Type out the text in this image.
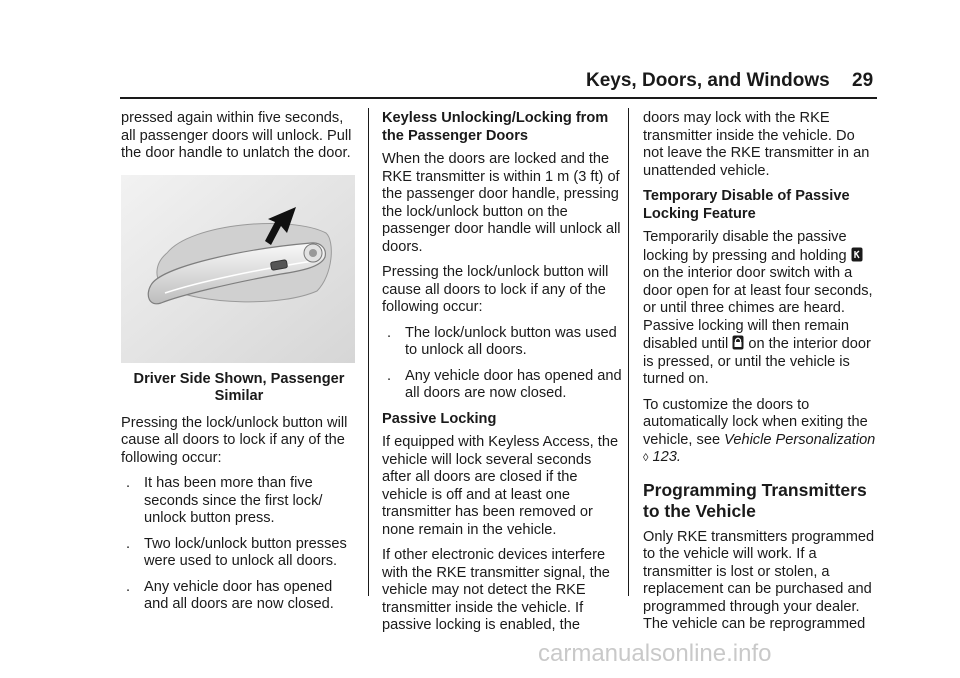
Keys, Doors, and Windows 29

pressed again within five seconds, all passenger doors will unlock. Pull the door handle to unlatch the door.

Driver Side Shown, Passenger Similar

Pressing the lock/unlock button will cause all doors to lock if any of the following occur:

. It has been more than five seconds since the first lock/ unlock button press.
. Two lock/unlock button presses were used to unlock all doors.
. Any vehicle door has opened and all doors are now closed.
Keyless Unlocking/Locking from the Passenger Doors

When the doors are locked and the RKE transmitter is within 1 m (3 ft) of the passenger door handle, pressing the lock/unlock button on the passenger door handle will unlock all doors.

Pressing the lock/unlock button will cause all doors to lock if any of the following occur:

. The lock/unlock button was used to unlock all doors.
. Any vehicle door has opened and all doors are now closed.
Passive Locking

If equipped with Keyless Access, the vehicle will lock several seconds after all doors are closed if the vehicle is off and at least one transmitter has been removed or none remain in the vehicle.

If other electronic devices interfere with the RKE transmitter signal, the vehicle may not detect the RKE transmitter inside the vehicle. If passive locking is enabled, the

doors may lock with the RKE transmitter inside the vehicle. Do not leave the RKE transmitter in an unattended vehicle.

Temporary Disable of Passive Locking Feature

Temporarily disable the passive locking by pressing and holding  on the interior door switch with a door open for at least four seconds, or until three chimes are heard. Passive locking will then remain disabled until on the interior door is pressed, or until the vehicle is turned on.

To customize the doors to automatically lock when exiting the vehicle, see Vehicle Personalization ◊ 123.

Programming Transmitters to the Vehicle

Only RKE transmitters programmed to the vehicle will work. If a transmitter is lost or stolen, a replacement can be purchased and programmed through your dealer. The vehicle can be reprogrammed

carmanualsonline.info
